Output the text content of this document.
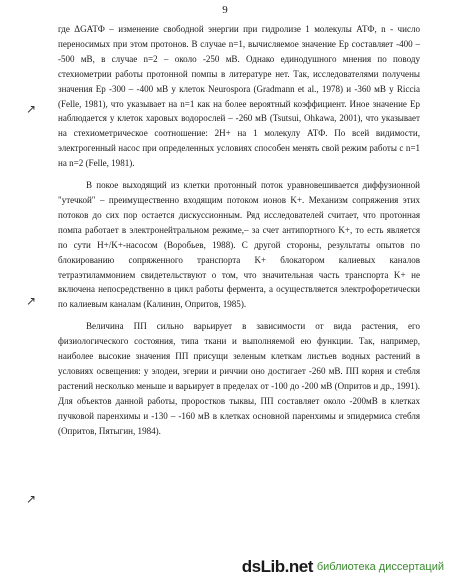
9

где ΔGАТФ – изменение свободной энергии при гидролизе 1 молекулы АТФ, n - число переносимых при этом протонов. В случае n=1, вычисляемое значение Ep составляет -400 – -500 мВ, в случае n=2 – около -250 мВ. Однако единодушного мнения по поводу стехиометрии работы протонной помпы в литературе нет. Так, исследователями получены значения Ep -300 – -400 мВ у клеток Neurospora (Gradmann et al., 1978) и -360 мВ у Riccia (Felle, 1981), что указывает на n=1 как на более вероятный коэффициент. Иное значение Ep наблюдается у клеток харовых водорослей – -260 мВ (Tsutsui, Ohkawa, 2001), что указывает на стехиометрическое соотношение: 2H+ на 1 молекулу АТФ. По всей видимости, электрогенный насос при определенных условиях способен менять свой режим работы с n=1 на n=2 (Felle, 1981).

В покое выходящий из клетки протонный поток уравновешивается диффузионной "утечкой" – преимущественно входящим потоком ионов K+. Механизм сопряжения этих потоков до сих пор остается дискуссионным. Ряд исследователей считает, что протонная помпа работает в электронейтральном режиме,– за счет антипортного K+, то есть является по сути H+/K+-насосом (Воробьев, 1988). С другой стороны, результаты опытов по блокированию сопряженного транспорта K+ блокатором калиевых каналов тетраэтиламмонием свидетельствуют о том, что значительная часть транспорта K+ не включена непосредственно в цикл работы фермента, а осуществляется электрофоретически по калиевым каналам (Калинин, Опритов, 1985).

Величина ПП сильно варьирует в зависимости от вида растения, его физиологического состояния, типа ткани и выполняемой ею функции. Так, например, наиболее высокие значения ПП присущи зеленым клеткам листьев водных растений в условиях освещения: у элодеи, эгерии и риччии оно достигает -260 мВ. ПП корня и стебля растений несколько меньше и варьирует в пределах от -100 до -200 мВ (Опритов и др., 1991). Для объектов данной работы, проростков тыквы, ПП составляет около -200мВ в клетках пучковой паренхимы и -130 – -160 мВ в клетках основной паренхимы и эпидермиса стебля (Опритов, Пятыгин, 1984).

↗
↗
↗
dsLib.net библиотека диссертаций
